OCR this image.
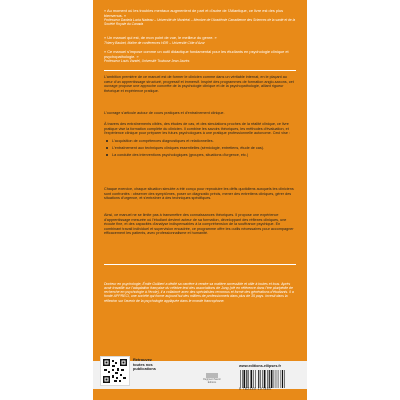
« Au moment où les troubles mentaux augmentent de part et d'autre de l'Atlantique, ce livre est des plus bienvenus. »
Professeur Daniela Lucia Nadeau – Université de Montréal – Membre de l'Académie Canadienne des Sciences de la santé et de la Société Royale du Canada

« Un manuel qui est, de mon point de vue, le meilleur du genre. »
Thierry Baubet, Maître de conférences HDR – Université Côte d'Azur

« Ce manuel s'impose comme un outil didactique fondamental pour les étudiants en psychologie clinique et psychopathologie. »
Professeur Louis Vandel, Université Toulouse Jean Jaurès

L'ambition première de ce manuel est de former le clinicien comme dans un véritable internat, en le plaçant au cœur d'un apprentissage structuré, progressif et immersif. Inspiré des programmes de formation anglo-saxons, cet ouvrage propose une approche concrète de la psychologie clinique et de la psychopathologie, alliant rigueur théorique et expérience pratique.

L'ouvrage s'articule autour de cours pratiques et d'entraînement clinique.

À travers des entraînements ciblés, des études de cas, et des simulations proches de la réalité clinique, ce livre pratique vise la formation complète du clinicien. Il combine les savoirs théoriques, les méthodes d'évaluation, et l'expérience clinique pour préparer les futurs psychologues à une pratique professionnelle autonome. Ceci vise :

L'acquisition de compétences diagnostiques et relationnelles.
L'entraînement aux techniques cliniques essentielles (sémiologie, entretiens, étude de cas).
La conduite des interventions psychologiques (groupes, situations d'urgence, etc.)

Chaque exercice, chaque situation simulée a été conçu pour reproduire les défis quotidiens auxquels les cliniciens sont confrontés : observer des symptômes, poser un diagnostic précis, mener des entretiens cliniques, gérer des situations d'urgence, et s'entraîner à des techniques spécifiques.

Ainsi, ce manuel ne se limite pas à transmettre des connaissances théoriques. Il propose une expérience d'apprentissage mesurée où l'étudiant devient acteur de sa formation, développant des réflexes cliniques, une écoute fine, et des capacités d'analyse indispensables à la compréhension de la souffrance psychique. En combinant travail individuel et supervision encadrée, ce programme offre les outils nécessaires pour accompagner efficacement les patients, avec professionnalisme et humanité.

Docteur en psychologie, Émile Guilbert a dédié sa carrière à rendre sa matière accessible et utile à toutes et tous. Après avoir travaillé sur l'adaptation française du célèbre test des associations de Jung (clé en référence dans l'ère pluripédie de recherche en psychologie à l'école), il a collaboré avec des spécialistes reconnus et formé des générations d'étudiants. Il a fondé APPRECI, une société qui forme aujourd'hui des milliers de professionnels dans plus de 35 pays. Investi dans la réflexion sur l'avenir de la psychologie appliquée dans le monde francophone.

Retrouvez
toutes nos
publications
Régiment Savoir Éditions
www.editions-ellipses.fr
9 782340 107854
